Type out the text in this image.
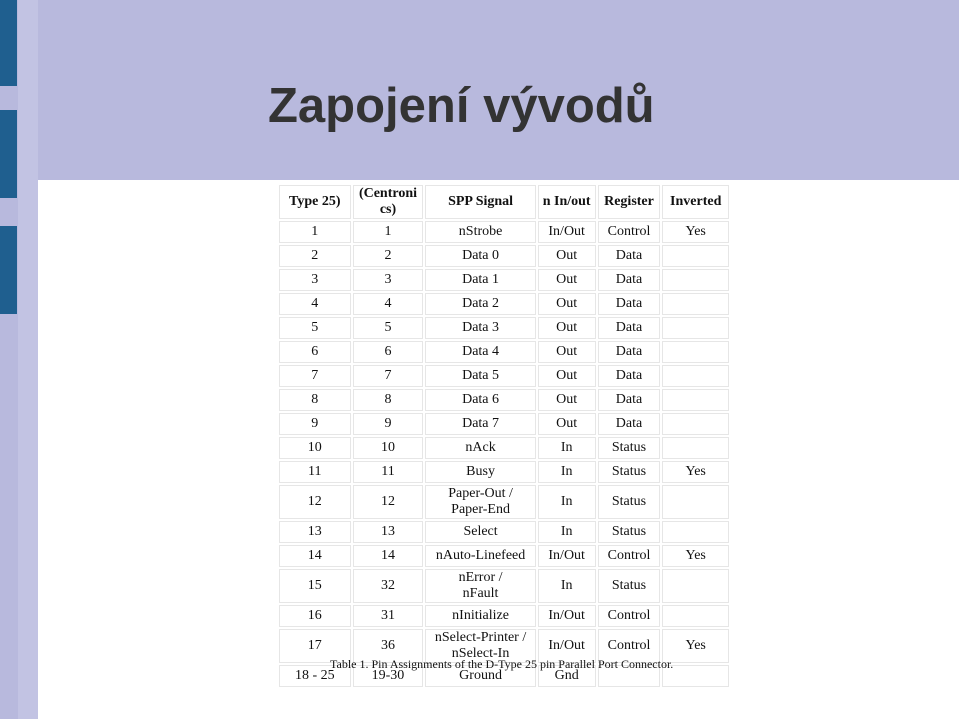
Zapojení vývodů
Type 25)	(Centroni cs)	SPP Signal	n In/out	Register	Inverted
1	1	nStrobe	In/Out	Control	Yes
2	2	Data 0	Out	Data	
3	3	Data 1	Out	Data	
4	4	Data 2	Out	Data	
5	5	Data 3	Out	Data	
6	6	Data 4	Out	Data	
7	7	Data 5	Out	Data	
8	8	Data 6	Out	Data	
9	9	Data 7	Out	Data	
10	10	nAck	In	Status	
11	11	Busy	In	Status	Yes
12	12	Paper-Out /
Paper-End	In	Status	
13	13	Select	In	Status	
14	14	nAuto-Linefeed	In/Out	Control	Yes
15	32	nError /
nFault	In	Status	
16	31	nInitialize	In/Out	Control	
17	36	nSelect-Printer /
nSelect-In	In/Out	Control	Yes
18 - 25	19-30	Ground	Gnd		
Table 1. Pin Assignments of the D-Type 25 pin Parallel Port Connector.
